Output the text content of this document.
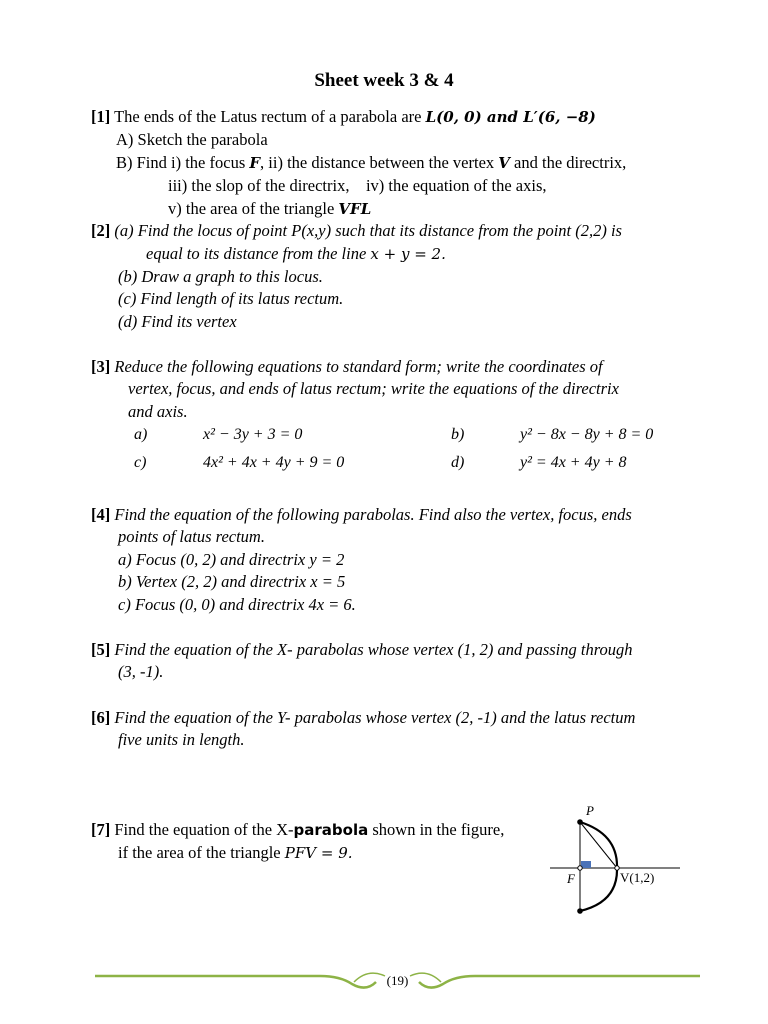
Sheet week 3 & 4
[1] The ends of the Latus rectum of a parabola are L(0, 0) and L′(6, −8)
A) Sketch the parabola
B) Find i) the focus F, ii) the distance between the vertex V and the directrix,
iii) the slop of the directrix, iv) the equation of the axis,
v) the area of the triangle VFL
[2] (a) Find the locus of point P(x,y) such that its distance from the point (2,2) is
equal to its distance from the line x + y = 2.
(b) Draw a graph to this locus.
(c) Find length of its latus rectum.
(d) Find its vertex
[3] Reduce the following equations to standard form; write the coordinates of
vertex, focus, and ends of latus rectum; write the equations of the directrix
and axis.
a)	x² − 3y + 3 = 0	b)	y² − 8x − 8y + 8 = 0
c)	4x² + 4x + 4y + 9 = 0	d)	y² = 4x + 4y + 8
[4] Find the equation of the following parabolas. Find also the vertex, focus, ends
points of latus rectum.
a) Focus (0, 2) and directrix y = 2
b) Vertex (2, 2) and directrix x = 5
c) Focus (0, 0) and directrix 4x = 6.
[5] Find the equation of the X- parabolas whose vertex (1, 2) and passing through
(3, -1).
[6] Find the equation of the Y- parabolas whose vertex (2, -1) and the latus rectum
five units in length.
[7] Find the equation of the X-parabola shown in the figure,
if the area of the triangle PFV = 9.
P
F	V(1,2)
(19)
